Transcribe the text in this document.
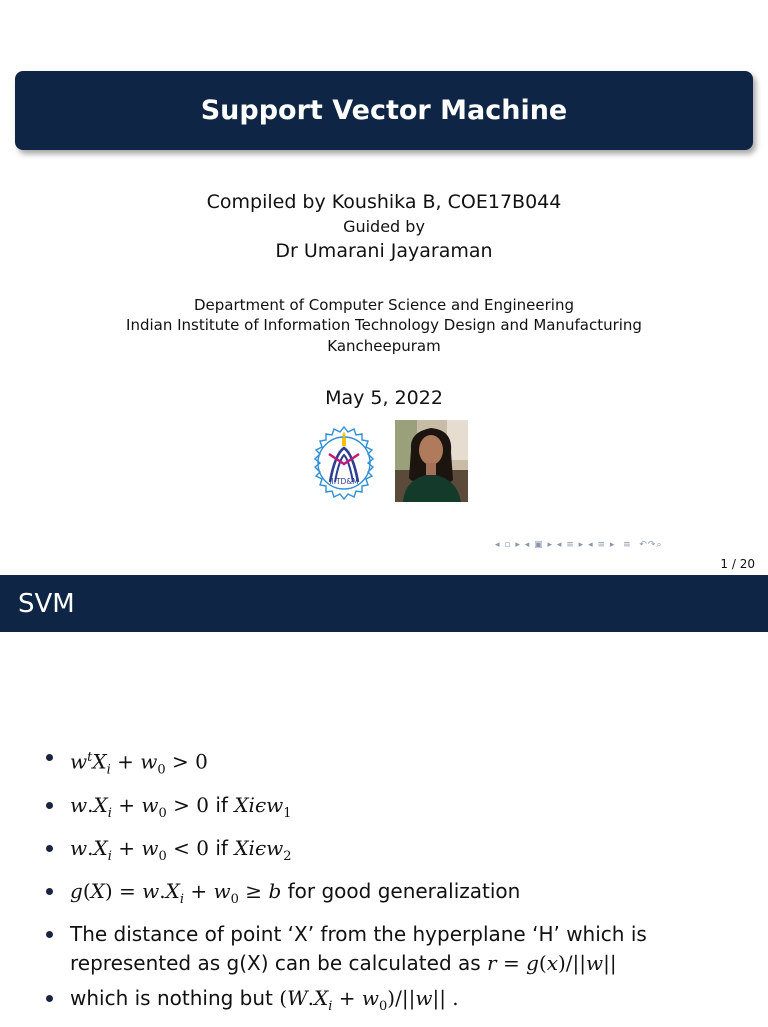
Support Vector Machine
Compiled by Koushika B, COE17B044
Guided by
Dr Umarani Jayaraman
Department of Computer Science and Engineering
Indian Institute of Information Technology Design and Manufacturing
Kancheepuram
May 5, 2022
IIITD&M
◂ ▫ ▸ ◂ ▣ ▸ ◂ ≡ ▸ ◂ ≡ ▸ ≡ ↶↷⌕
1 / 20
SVM
$w^tX_i + w_0 > 0$
$w.X_i + w_0 > 0$ if Xiϵw$_1$
$w.X_i + w_0 < 0$ if Xiϵw$_2$
$g(X) = w.X_i + w_0 \ge b$ for good generalization
The distance of point ‘X’ from the hyperplane ‘H’ which is
represented as g(X) can be calculated as r = g(x)/||w||
which is nothing but $(W.X_i + w_0)/||w||$ .
